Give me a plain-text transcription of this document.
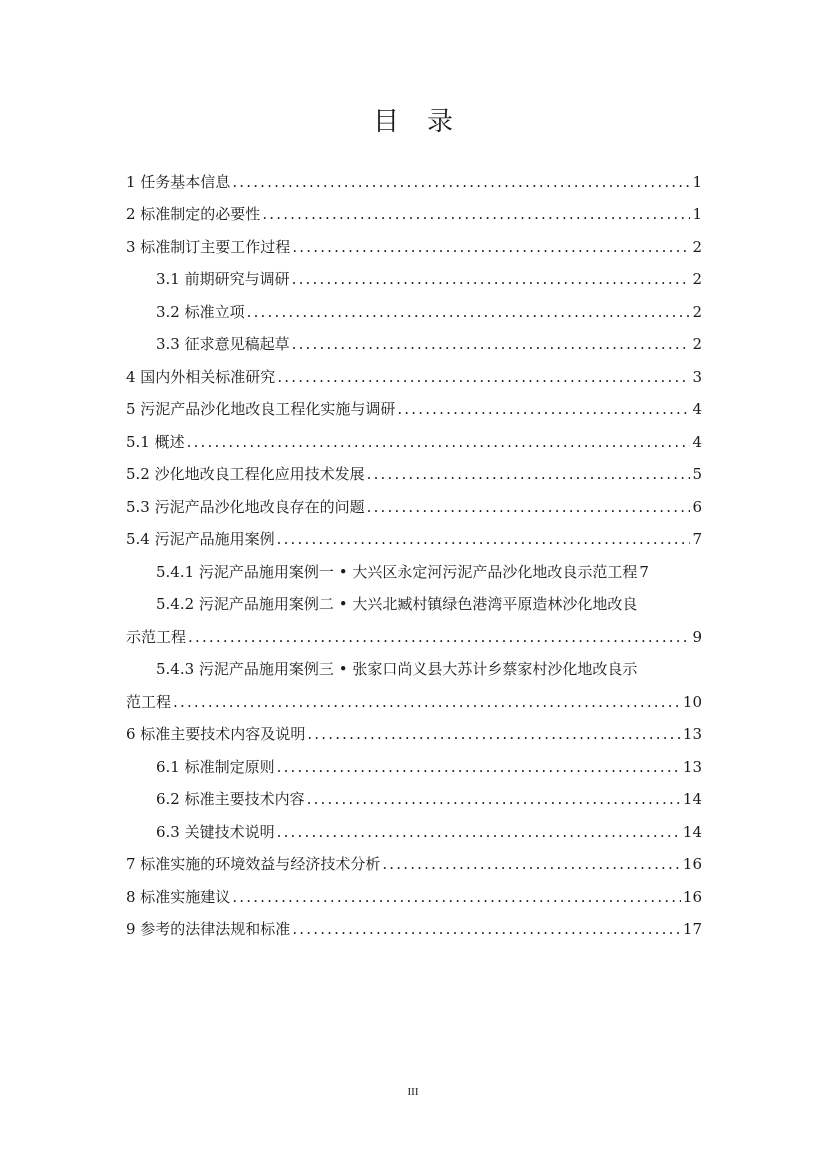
目 录
1 任务基本信息 .....	1
2 标准制定的必要性 .....	1
3 标准制订主要工作过程 .....	2
3.1 前期研究与调研 .....	2
3.2 标准立项 .....	2
3.3 征求意见稿起草 .....	2
4 国内外相关标准研究 .....	3
5 污泥产品沙化地改良工程化实施与调研 .....	4
5.1 概述 .....	4
5.2 沙化地改良工程化应用技术发展 .....	5
5.3 污泥产品沙化地改良存在的问题 .....	6
5.4 污泥产品施用案例 .....	7
5.4.1 污泥产品施用案例一 • 大兴区永定河污泥产品沙化地改良示范工程 7
5.4.2 污泥产品施用案例二 • 大兴北臧村镇绿色港湾平原造林沙化地改良
示范工程 .....	9
5.4.3 污泥产品施用案例三 • 张家口尚义县大苏计乡蔡家村沙化地改良示
范工程 .....	10
6 标准主要技术内容及说明 .....	13
6.1 标准制定原则 .....	13
6.2 标准主要技术内容 .....	14
6.3 关键技术说明 .....	14
7 标准实施的环境效益与经济技术分析 .....	16
8 标准实施建议 .....	16
9 参考的法律法规和标准 .....	17
III
